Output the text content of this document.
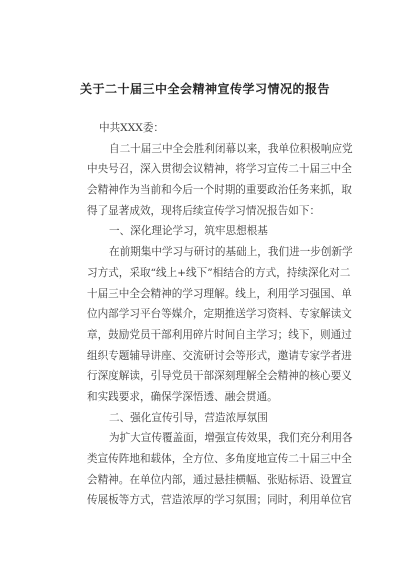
关于二十届三中全会精神宣传学习情况的报告
中共XXX委：
自二十届三中全会胜利闭幕以来，我单位积极响应党
中央号召，深入贯彻会议精神，将学习宣传二十届三中全
会精神作为当前和今后一个时期的重要政治任务来抓，取
得了显著成效，现将后续宣传学习情况报告如下：
一、深化理论学习，筑牢思想根基
在前期集中学习与研讨的基础上，我们进一步创新学
习方式，采取“线上+线下”相结合的方式，持续深化对二
十届三中全会精神的学习理解。线上，利用学习强国、单
位内部学习平台等媒介，定期推送学习资料、专家解读文
章，鼓励党员干部利用碎片时间自主学习；线下，则通过
组织专题辅导讲座、交流研讨会等形式，邀请专家学者进
行深度解读，引导党员干部深刻理解全会精神的核心要义
和实践要求，确保学深悟透、融会贯通。
二、强化宣传引导，营造浓厚氛围
为扩大宣传覆盖面，增强宣传效果，我们充分利用各
类宣传阵地和载体，全方位、多角度地宣传二十届三中全
会精神。在单位内部，通过悬挂横幅、张贴标语、设置宣
传展板等方式，营造浓厚的学习氛围；同时，利用单位官
